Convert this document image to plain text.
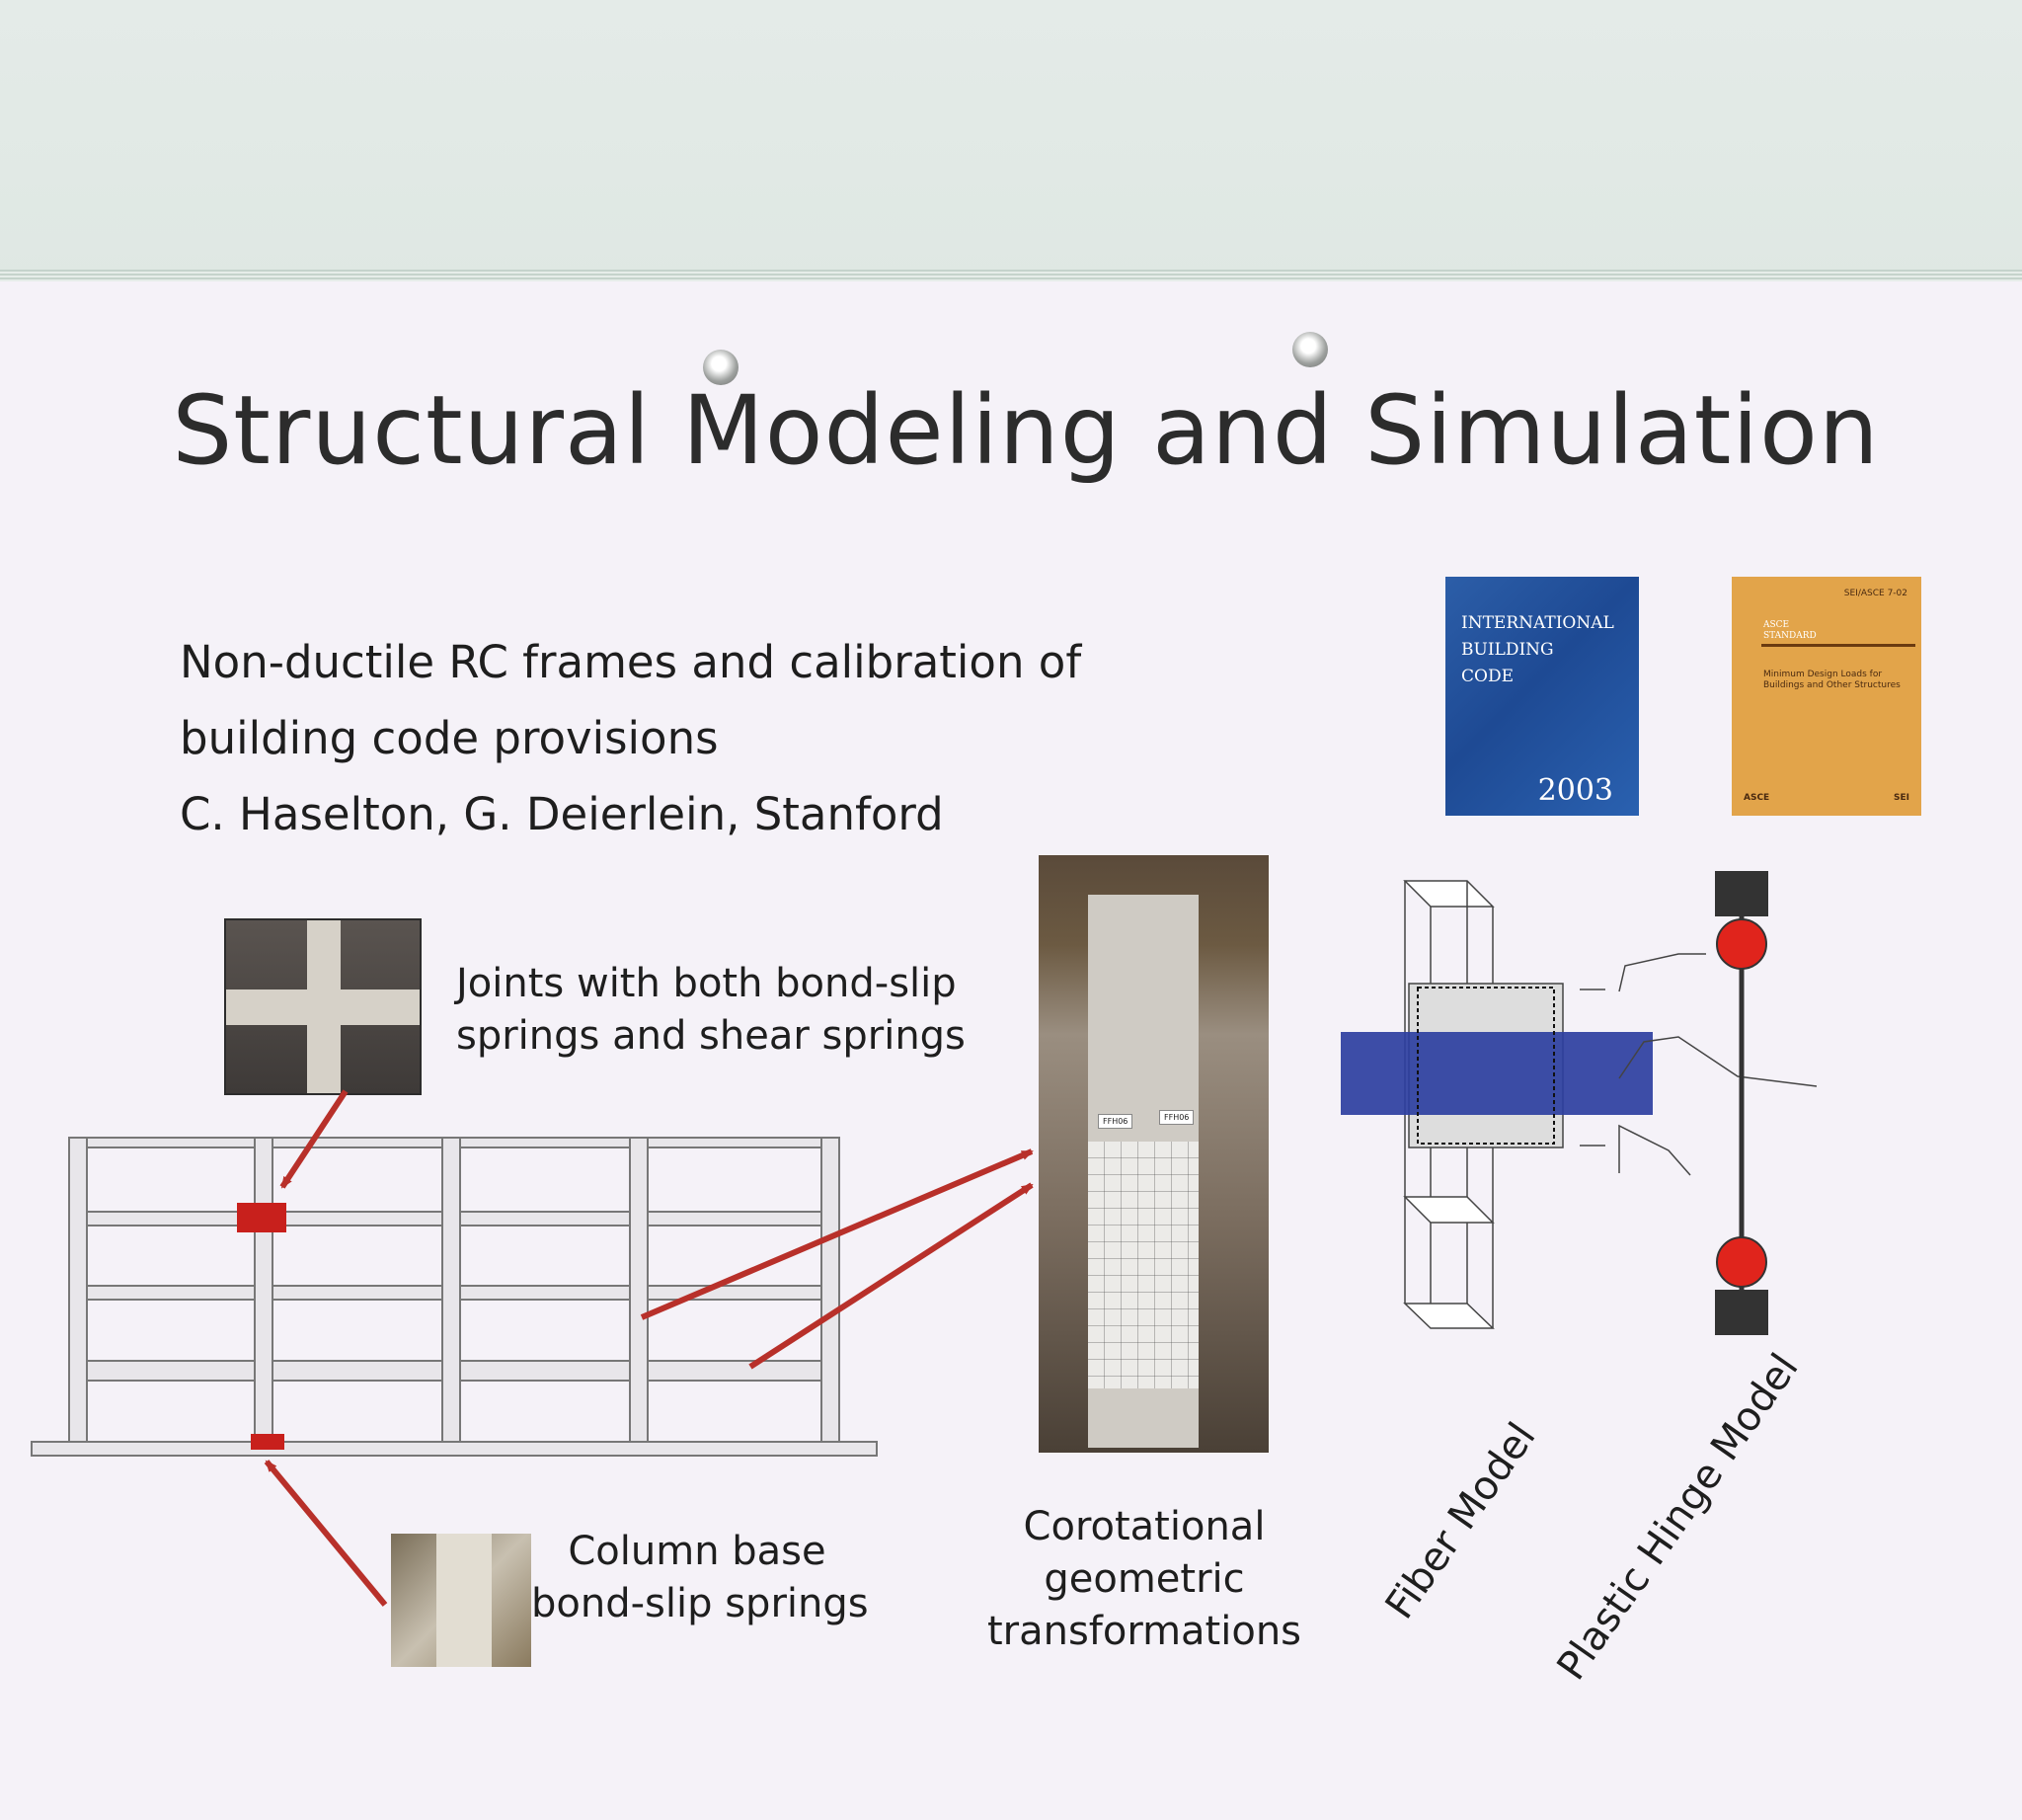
Structural Modeling and Simulation
Non-ductile RC frames and calibration of
building code provisions
C. Haselton, G. Deierlein, Stanford
INTERNATIONAL
BUILDING
CODE
2003
SEI/ASCE 7-02
ASCE
STANDARD
Minimum Design Loads for
Buildings and Other Structures
ASCE	SEI
FFH06	FFH06
Joints with both bond-slip
springs and shear springs
Column base
bond-slip springs
Corotational
geometric
transformations
Fiber Model Plastic Hinge Model
